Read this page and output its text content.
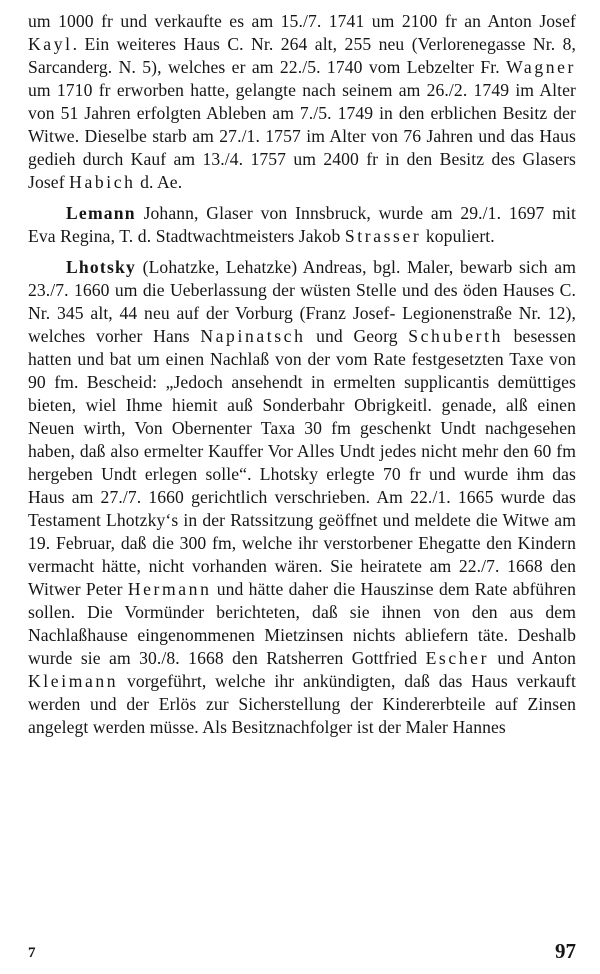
um 1000 fr und verkaufte es am 15./7. 1741 um 2100 fr an Anton Josef Kayl. Ein weiteres Haus C. Nr. 264 alt, 255 neu (Verlorenegasse Nr. 8, Sarcanderg. N. 5), welches er am 22./5. 1740 vom Lebzelter Fr. Wagner um 1710 fr erworben hatte, gelangte nach seinem am 26./2. 1749 im Alter von 51 Jahren erfolgten Ableben am 7./5. 1749 in den erblichen Besitz der Witwe. Dieselbe starb am 27./1. 1757 im Alter von 76 Jahren und das Haus gedieh durch Kauf am 13./4. 1757 um 2400 fr in den Besitz des Glasers Josef Habich d. Ae.

Lemann Johann, Glaser von Innsbruck, wurde am 29./1. 1697 mit Eva Regina, T. d. Stadtwachtmeisters Jakob Strasser kopuliert.

Lhotsky (Lohatzke, Lehatzke) Andreas, bgl. Maler, bewarb sich am 23./7. 1660 um die Ueberlassung der wüsten Stelle und des öden Hauses C. Nr. 345 alt, 44 neu auf der Vorburg (Franz Josef- Legionenstraße Nr. 12), welches vorher Hans Napinatsch und Georg Schuberth besessen hatten und bat um einen Nachlaß von der vom Rate festgesetzten Taxe von 90 fm. Bescheid: „Jedoch ansehendt in ermelten supplicantis demüttiges bieten, wiel Ihme hiemit auß Sonderbahr Obrigkeitl. genade, alß einen Neuen wirth, Von Obernenter Taxa 30 fm geschenkt Undt nachgesehen haben, daß also ermelter Kauffer Vor Alles Undt jedes nicht mehr den 60 fm hergeben Undt erlegen solle“. Lhotsky erlegte 70 fr und wurde ihm das Haus am 27./7. 1660 gerichtlich verschrieben. Am 22./1. 1665 wurde das Testament Lhotzky‘s in der Ratssitzung geöffnet und meldete die Witwe am 19. Februar, daß die 300 fm, welche ihr verstorbener Ehegatte den Kindern vermacht hätte, nicht vorhanden wären. Sie heiratete am 22./7. 1668 den Witwer Peter Hermann und hätte daher die Hauszinse dem Rate abführen sollen. Die Vormünder berichteten, daß sie ihnen von den aus dem Nachlaßhause eingenommenen Mietzinsen nichts abliefern täte. Deshalb wurde sie am 30./8. 1668 den Ratsherren Gottfried Escher und Anton Kleimann vorgeführt, welche ihr ankündigten, daß das Haus verkauft werden und der Erlös zur Sicherstellung der Kindererbteile auf Zinsen angelegt werden müsse. Als Besitznachfolger ist der Maler Hannes

7	97
